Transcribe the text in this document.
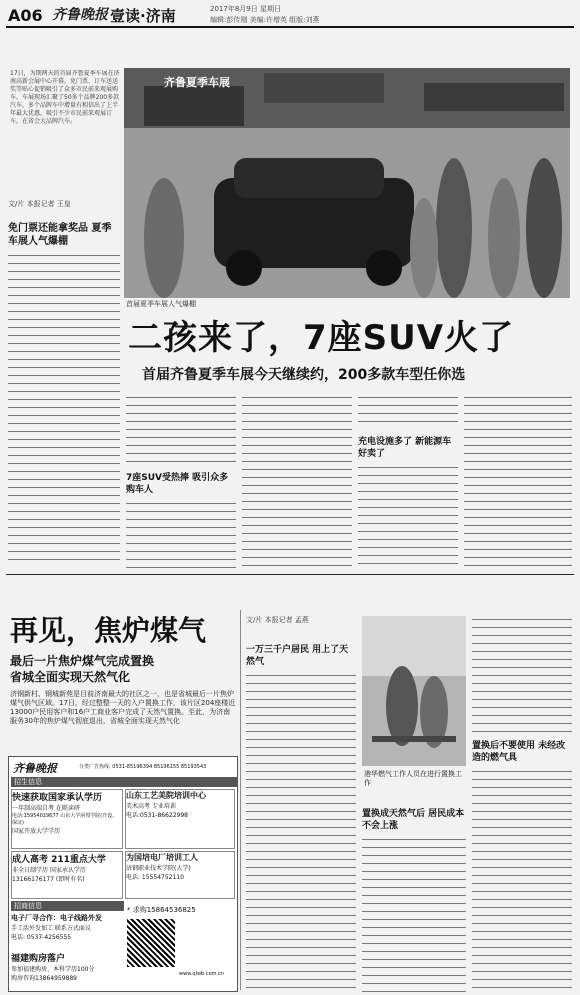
A06 齐鲁晚报 壹读·济南	2017年8月9日 星期日
编辑:彭传刚 美编:许增英 组版:刘燕
17日，为期两天的首届齐鲁夏季车展在济南高新会展中心开幕。免门票、订车送送奖等贴心促销吸引了众多市民前来观展购车。车展现场汇聚了50多个品牌200多款汽车，多个品牌车中增量有相信出了上半年最大优惠，吸引不少市民前来观展订车，在省会大品牌汽车。
文/片 本报记者 王皇
免门票还能拿奖品 夏季车展人气爆棚
齐鲁夏季车展
首届夏季车展人气爆棚
二孩来了，7座SUV火了
首届齐鲁夏季车展今天继续约，200多款车型任你选
7座SUV受热捧 吸引众多购车人
充电设施多了 新能源车好卖了
再见，焦炉煤气
最后一片焦炉煤气完成置换
省城全面实现天然气化
济钢新村、钢城新苑是目前济南最大的社区之一，也是省城最后一片焦炉煤气供气区域。17日，经过整整一天的入户置换工作，该片区204座楼近13000户民用客户和16户工商业客户完成了天然气置换。至此，为济南服务30年的焦炉煤气彻底退出，省城全面实现天然气化
文/片 本报记者 孟燕
一万三千户居民 用上了天然气
港华燃气工作人员在进行置换工作
置换成天然气后 居民成本不会上涨
置换后不要使用 未经改造的燃气具
齐鲁晚报	分类广告热线: 0531-85196394 85196155 85193543
招生信息
快速获取国家承认学历
一年制高端自考 在职读研
电话:15954019677 山东大学函授学院(开设、保证)
国家开放大学学历
山东工艺美院培训中心
美术高考 专业培训
电话:0531-86622998
成人高考 211重点大学
非全日制学历 国家承认学历
13166176177 (即时有名)
为国培电厂培训工人
济钢职业技术学院(大学)
电话: 15554752110
招商信息
电子厂寻合作：电子线路外发
手工活外发加工 联系方式面议
电话: 0537-4256555
福建购房落户
参加福建购房、本科学历100分
购房咨询13864959889
* 求购15864536825
www.qlwb.com.cn
